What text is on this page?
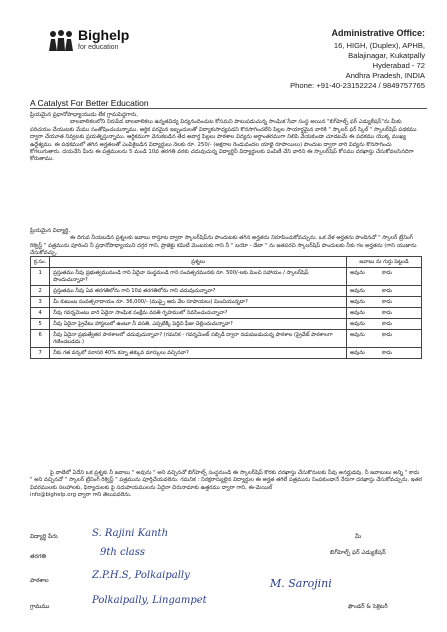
Bighelp
for education
A Catalyst For Better Education
Administrative Office:
16, HIGH, (Duplex), APHB,
Balajinagar, Kukatpally
Hyderabad - 72
Andhra Pradesh, INDIA
Phone: +91-40-23152224 / 9849757765
ప్రియమైన ప్రధానోపాధ్యాయుడు లేక గ్రామపెద్దగారు,
బాలబాలికలలోని నిరుపేద బాలబాలికలు ఉన్నతవిద్య విద్యనందించుట కోసమని పాటుపడుచున్న సాంఘిక సేవా సంస్థ అయిన "బిగ్‌హెల్ప్ ఫర్ ఎడ్యుకేషన్"ను మీకు పరిచయం చేయుటకు మేము సంతోషించుచున్నాము. ఆర్థిక పరమైన ఇబ్బందులతో విద్యాకుసాధ్యపడని కొనసాగించలేని పిల్లల సాయార్థమైన వారికి " స్కాలర్ ఫర్ స్కిల్ " స్కాలర్‌షిప్ పథకము ద్వారా చేయూత నివ్వటకు ప్రయత్నిస్తున్నాము. ఆర్థికముగా వెనుకబడిన తేద అవార్ధ పిల్లలు పాఠశాల విద్యను అర్ధాంతరముగా నిలిపి వేయకుండా చూడటమే ఈ పథకము యొక్క ముఖ్య ఉద్దేశ్యము. ఈ పథకములో తగిన అర్హతలతో ఎంపికైబడిన విద్యార్థులు నెలకు రూ. 250/- (అక్షరాల రెండువందల యాభై రూపాయిలు) పొందుట ద్వారా వారి విద్యను కొనసాగించు కోగలుగుతారు. దయచేసి మీరు ఈ పత్రములను 5 మండి 10వ తరగతి వరకు చదువుచున్న విద్యార్థినీ విద్యార్థులకు పంపిణీ చేసి వారిని ఈ స్కాలర్‌షిప్ కోసము దరఖాస్తు చేసుకోవలసినదిగా కోరుతాము.
ప్రియమైన విద్యార్థి,
ఈ దిగువ నీయబడిన ప్రశ్నలకు జవాబు రాస్తూట ద్వారా స్కాలర్‌షిప్‌ను పొందుటకు తగిన అర్హతను నిరూపించుకోవచ్చును. ఒక వేళ అర్హతను పొందినచో " స్కాలర్ ట్రేనింగ్ రిక్వెస్ట్ " పత్రమును పూరించి నీ ప్రధానోపాధ్యాయుని దగ్గర గాని, ప్రాజెక్టు కమిటీ మెంబరుకు గాని నీ " బయో - డేటా " ను జతపరచి స్కాలర్‌షిప్ పొందుటకు నీకు గల అర్హతను (గాని యుజాను చేసుకోవచ్చు.
క్ర.సం.	ప్రశ్నలు	జవాబు ను గుర్తు పెట్టండి
1	ప్రస్తుతము నీవు ప్రభుత్వమునుండి గాని ఏదైనా సంస్థనుండి గాని సంవత్సరమునకు రూ. 500/-లకు మించి సహాయం / స్కాలర్‌షిప్ పొందుచున్నావా?	అవును కాదు
2	ప్రస్తుతము నీవు ఏవ తరగతిలోను గాని 10వ తరగతిలోను గాని చదువుచున్నావా?	అవును కాదు
3	మీ కుటుంబ సంవత్సరాదాయం రూ. 36,000/- (ముప్పై ఆరు వేల రూపాయలు) మించియున్నదా?	అవును కాదు
4	నీవు గవర్నమెంటు వారి ఏదైనా సాంఘిక సంక్షేమ వసతి గృహములో నివసించుచున్నావా?	అవును కాదు
5	నీవు ఏదైనా ప్రైవేటు హాస్టలులో ఉంటూ నీ వసతి, ఎప్పటిక్కి పెద్దిని ఫీజు చెల్లించుచున్నావా?	అవును కాదు
6	నీవు ఏదైనా ప్రభుత్వేతర పాఠశాలలో చదువుచున్నావా? (గమనిక - గవర్నమెంట్ సబ్సిడీ ద్వారా నడుపబడుచున్న పాఠశాల (ప్రైవేట్ పాఠశాలగా గణించబడదు.)	అవును కాదు
7	నీకు గత వర్కలో సరాసరి 40% కన్నా తక్కువ మార్కులు వచ్చినవా?	అవును కాదు
పై వాటిలో ఏదేని ఒక ప్రశ్నకు నీ జవాబు " అవును " అని వచ్చినచో బిగ్‌హెల్ప్ సంస్థనుండి ఈ స్కాలర్‌షిప్ కొరకు దరఖాస్తు చేసుకొనుటకు నీవు అనర్హుడవు. నీ జవాబులు అన్ని " కాదు " అని వచ్చినచో " స్కాలర్ ట్రేనింగ్ రిక్వెస్ట్ " పత్రమును పూర్తిచేయవలెను. గమనిక : నిరక్షరాస్యులైన విద్యార్థుల ఈ అర్హత తగిలే పత్రమును నింపకుండానే నేరుగా దరఖాస్తు చేసుకోవచ్చును. ఇతర వివరములకు సలహాలకు, ఫిర్యాదులకు పై సదుపాయములను ఏదైనా చిరునామాకు ఉత్తరము ద్వారా గాని, ఈ-మెయిల్
info@bighelp.org ద్వారా గాని తెలుపవలెను.
విద్యార్థి పేరు	S. Rajini Kanth
తరగతి	9th class
పాఠశాల	Z.P.H.S, Polkaipally
గ్రామము
Polkaipally, Lingampet
మీ
బిగ్‌హెల్ప్ ఫర్ ఎడ్యుకేషన్
M. Sarojini
ఫౌండర్ & సెక్రెటరీ
